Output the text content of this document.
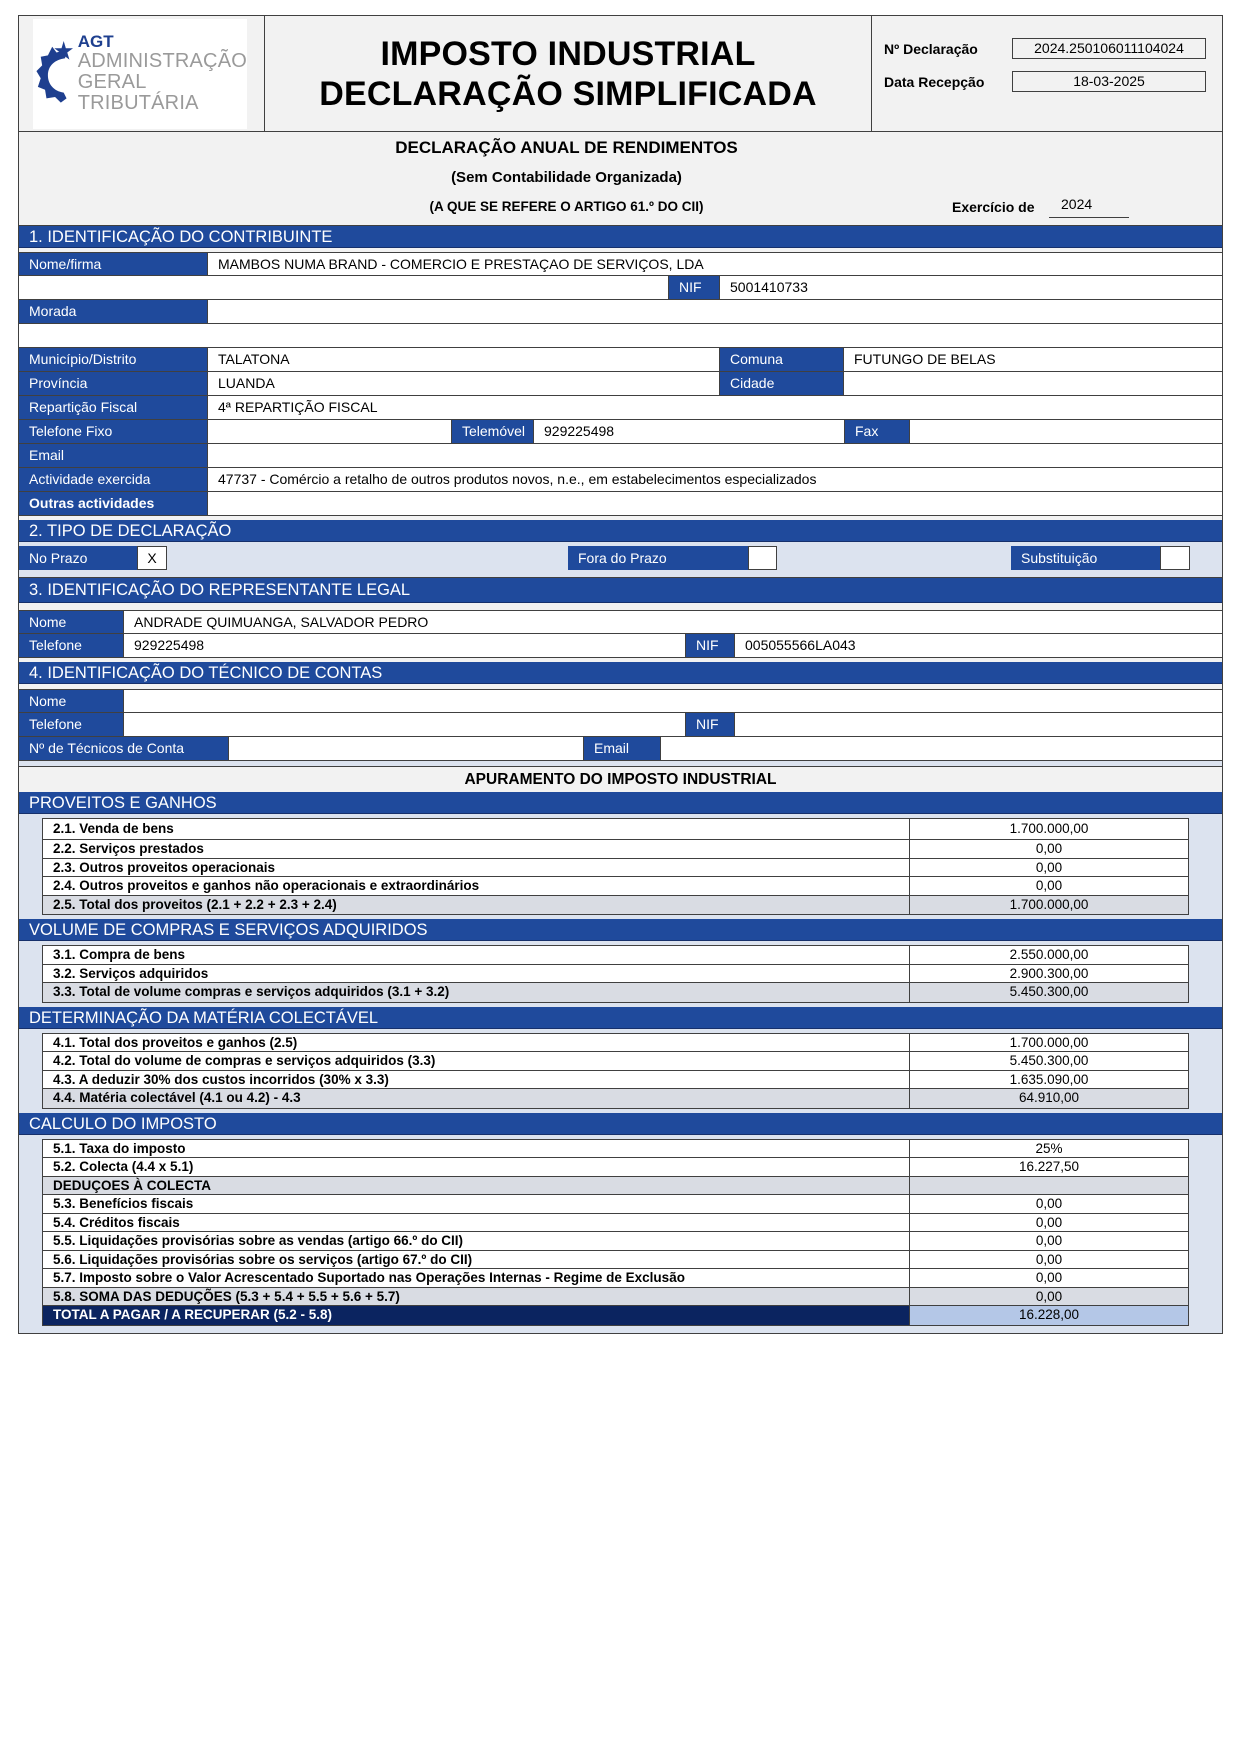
AGT
ADMINISTRAÇÃO
GERAL
TRIBUTÁRIA
IMPOSTO INDUSTRIAL
DECLARAÇÃO SIMPLIFICADA
Nº Declaração	2024.250106011104024
Data Recepção	18-03-2025
DECLARAÇÃO ANUAL DE RENDIMENTOS
(Sem Contabilidade Organizada)
(A QUE SE REFERE O ARTIGO 61.º DO CII)	Exercício de	2024
1. IDENTIFICAÇÃO DO CONTRIBUINTE
Nome/firma	MAMBOS NUMA BRAND - COMERCIO E PRESTAÇAO DE SERVIÇOS, LDA
NIF	5001410733
Morada
Município/Distrito	TALATONA	Comuna	FUTUNGO DE BELAS
Província	LUANDA	Cidade
Repartição Fiscal	4ª REPARTIÇÃO FISCAL
Telefone Fixo	Telemóvel	929225498	Fax
Email
Actividade exercida	47737 - Comércio a retalho de outros produtos novos, n.e., em estabelecimentos especializados
Outras actividades
2. TIPO DE DECLARAÇÃO
No Prazo	X	Fora do Prazo	Substituição
3. IDENTIFICAÇÃO DO REPRESENTANTE LEGAL
Nome	ANDRADE QUIMUANGA, SALVADOR PEDRO
Telefone	929225498	NIF	005055566LA043
4. IDENTIFICAÇÃO DO TÉCNICO DE CONTAS
Nome
Telefone	NIF
Nº de Técnicos de Conta	Email
APURAMENTO DO IMPOSTO INDUSTRIAL
PROVEITOS E GANHOS
2.1. Venda de bens	1.700.000,00
2.2. Serviços prestados	0,00
2.3. Outros proveitos operacionais	0,00
2.4. Outros proveitos e ganhos não operacionais e extraordinários	0,00
2.5. Total dos proveitos (2.1 + 2.2 + 2.3 + 2.4)	1.700.000,00
VOLUME DE COMPRAS E SERVIÇOS ADQUIRIDOS
3.1. Compra de bens	2.550.000,00
3.2. Serviços adquiridos	2.900.300,00
3.3. Total de volume compras e serviços adquiridos (3.1 + 3.2)	5.450.300,00
DETERMINAÇÃO DA MATÉRIA COLECTÁVEL
4.1. Total dos proveitos e ganhos (2.5)	1.700.000,00
4.2. Total do volume de compras e serviços adquiridos (3.3)	5.450.300,00
4.3. A deduzir 30% dos custos incorridos (30% x 3.3)	1.635.090,00
4.4. Matéria colectável (4.1 ou 4.2) - 4.3	64.910,00
CALCULO DO IMPOSTO
5.1. Taxa do imposto	25%
5.2. Colecta (4.4 x 5.1)	16.227,50
DEDUÇOES À COLECTA
5.3. Benefícios fiscais	0,00
5.4. Créditos fiscais	0,00
5.5. Liquidações provisórias sobre as vendas (artigo 66.º do CII)	0,00
5.6. Liquidações provisórias sobre os serviços (artigo 67.º do CII)	0,00
5.7. Imposto sobre o Valor Acrescentado Suportado nas Operações Internas - Regime de Exclusão	0,00
5.8. SOMA DAS DEDUÇÕES (5.3 + 5.4 + 5.5 + 5.6 + 5.7)	0,00
TOTAL A PAGAR / A RECUPERAR (5.2 - 5.8)	16.228,00
